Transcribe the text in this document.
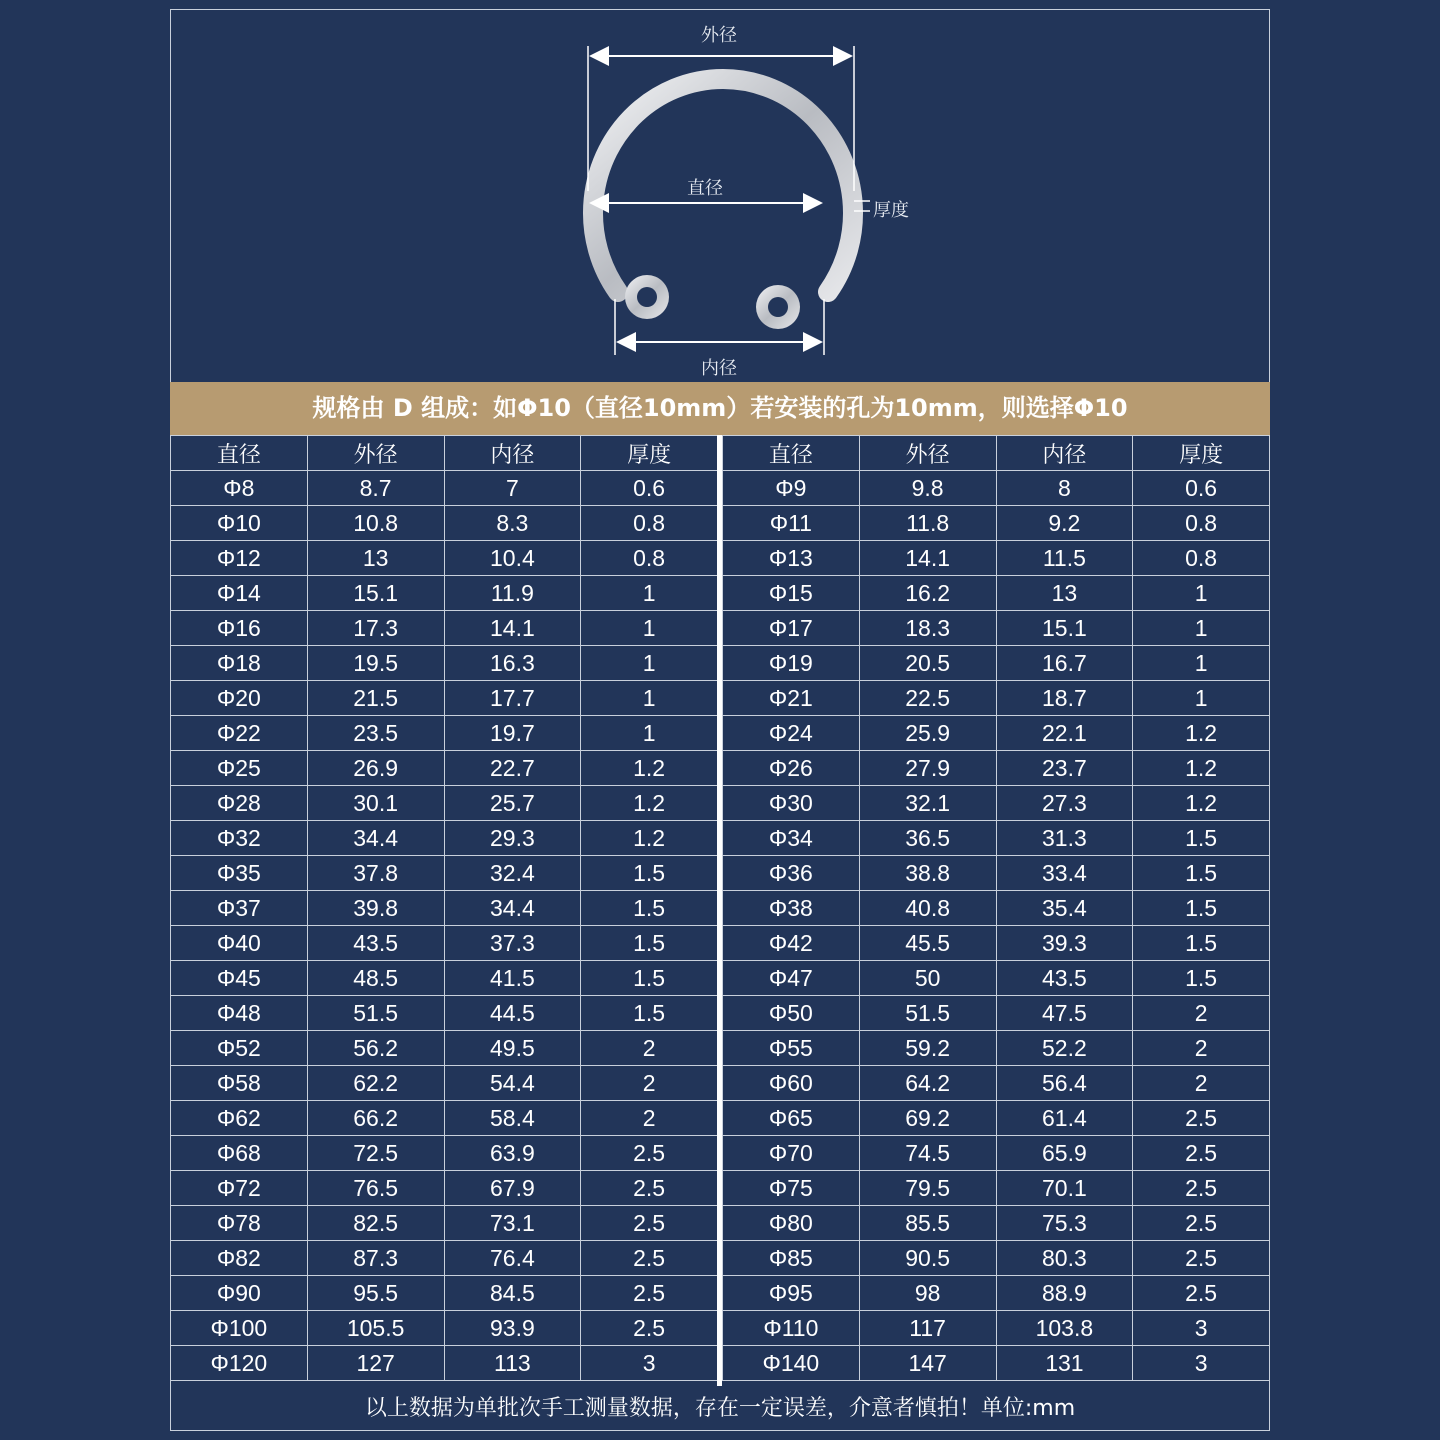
外径
直径
厚度
内径
规格由 D 组成：如Φ10（直径10mm）若安装的孔为10mm，则选择Φ10
直径	外径	内径	厚度
Φ8	8.7	7	0.6
Φ10	10.8	8.3	0.8
Φ12	13	10.4	0.8
Φ14	15.1	11.9	1
Φ16	17.3	14.1	1
Φ18	19.5	16.3	1
Φ20	21.5	17.7	1
Φ22	23.5	19.7	1
Φ25	26.9	22.7	1.2
Φ28	30.1	25.7	1.2
Φ32	34.4	29.3	1.2
Φ35	37.8	32.4	1.5
Φ37	39.8	34.4	1.5
Φ40	43.5	37.3	1.5
Φ45	48.5	41.5	1.5
Φ48	51.5	44.5	1.5
Φ52	56.2	49.5	2
Φ58	62.2	54.4	2
Φ62	66.2	58.4	2
Φ68	72.5	63.9	2.5
Φ72	76.5	67.9	2.5
Φ78	82.5	73.1	2.5
Φ82	87.3	76.4	2.5
Φ90	95.5	84.5	2.5
Φ100	105.5	93.9	2.5
Φ120	127	113	3
直径	外径	内径	厚度
Φ9	9.8	8	0.6
Φ11	11.8	9.2	0.8
Φ13	14.1	11.5	0.8
Φ15	16.2	13	1
Φ17	18.3	15.1	1
Φ19	20.5	16.7	1
Φ21	22.5	18.7	1
Φ24	25.9	22.1	1.2
Φ26	27.9	23.7	1.2
Φ30	32.1	27.3	1.2
Φ34	36.5	31.3	1.5
Φ36	38.8	33.4	1.5
Φ38	40.8	35.4	1.5
Φ42	45.5	39.3	1.5
Φ47	50	43.5	1.5
Φ50	51.5	47.5	2
Φ55	59.2	52.2	2
Φ60	64.2	56.4	2
Φ65	69.2	61.4	2.5
Φ70	74.5	65.9	2.5
Φ75	79.5	70.1	2.5
Φ80	85.5	75.3	2.5
Φ85	90.5	80.3	2.5
Φ95	98	88.9	2.5
Φ110	117	103.8	3
Φ140	147	131	3
以上数据为单批次手工测量数据，存在一定误差，介意者慎拍！单位:mm
